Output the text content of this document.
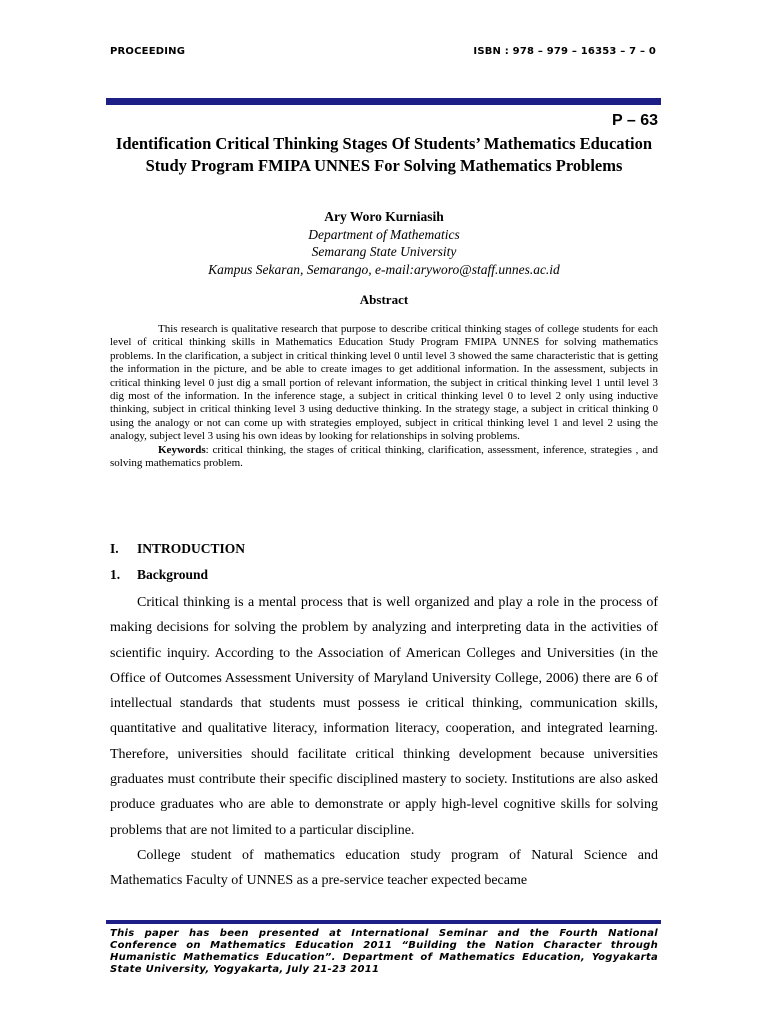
PROCEEDING	ISBN : 978 – 979 – 16353 – 7 – 0
P – 63
Identification Critical Thinking Stages Of Students’ Mathematics Education Study Program FMIPA UNNES For Solving Mathematics Problems
Ary Woro Kurniasih
Department of Mathematics
Semarang State University
Kampus Sekaran, Semarango, e-mail:aryworo@staff.unnes.ac.id
Abstract

This research is qualitative research that purpose to describe critical thinking stages of college students for each level of critical thinking skills in Mathematics Education Study Program FMIPA UNNES for solving mathematics problems. In the clarification, a subject in critical thinking level 0 until level 3 showed the same characteristic that is getting the information in the picture, and be able to create images to get additional information. In the assessment, subjects in critical thinking level 0 just dig a small portion of relevant information, the subject in critical thinking level 1 until level 3 dig most of the information. In the inference stage, a subject in critical thinking level 0 to level 2 only using inductive thinking, subject in critical thinking level 3 using deductive thinking. In the strategy stage, a subject in critical thinking 0 using the analogy or not can come up with strategies employed, subject in critical thinking level 1 and level 2 using the analogy, subject level 3 using his own ideas by looking for relationships in solving problems.

Keywords: critical thinking, the stages of critical thinking, clarification, assessment, inference, strategies , and solving mathematics problem.

I. INTRODUCTION
1. Background

Critical thinking is a mental process that is well organized and play a role in the process of making decisions for solving the problem by analyzing and interpreting data in the activities of scientific inquiry. According to the Association of American Colleges and Universities (in the Office of Outcomes Assessment University of Maryland University College, 2006) there are 6 of intellectual standards that students must possess ie critical thinking, communication skills, quantitative and qualitative literacy, information literacy, cooperation, and integrated learning. Therefore, universities should facilitate critical thinking development because universities graduates must contribute their specific disciplined mastery to society. Institutions are also asked produce graduates who are able to demonstrate or apply high-level cognitive skills for solving problems that are not limited to a particular discipline.

College student of mathematics education study program of Natural Science and Mathematics Faculty of UNNES as a pre-service teacher expected became

This paper has been presented at International Seminar and the Fourth National Conference on Mathematics Education 2011 “Building the Nation Character through Humanistic Mathematics Education”. Department of Mathematics Education, Yogyakarta State University, Yogyakarta, July 21-23 2011
